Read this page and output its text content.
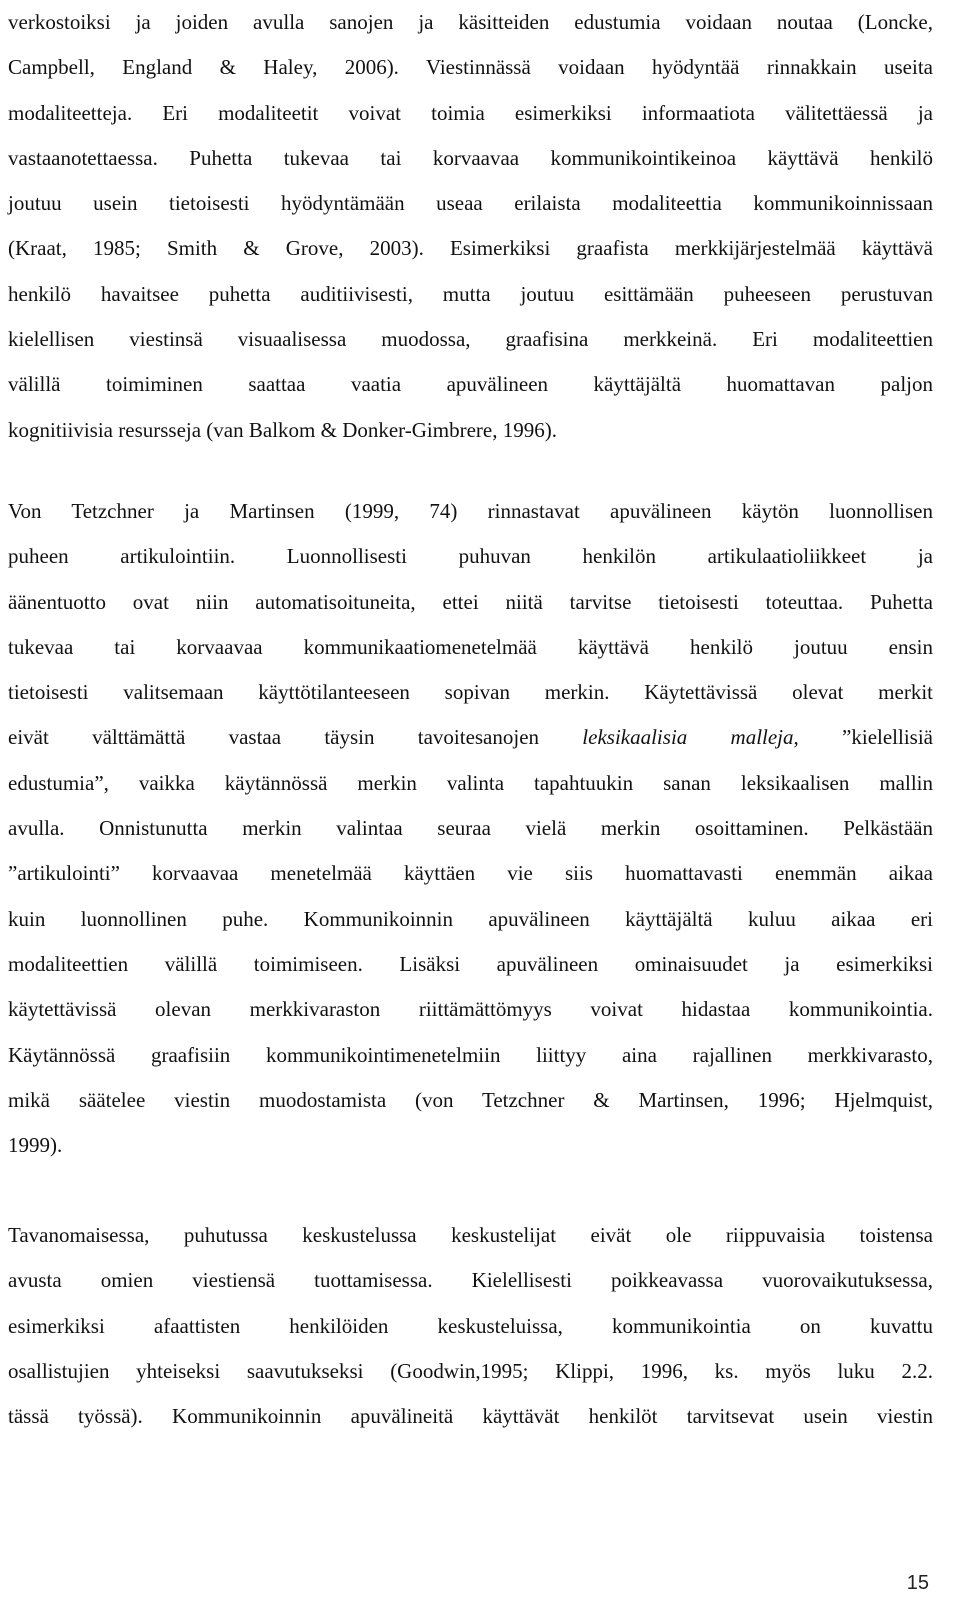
verkostoiksi ja joiden avulla sanojen ja käsitteiden edustumia voidaan noutaa (Loncke,
Campbell, England & Haley, 2006). Viestinnässä voidaan hyödyntää rinnakkain useita
modaliteetteja. Eri modaliteetit voivat toimia esimerkiksi informaatiota välitettäessä ja
vastaanotettaessa. Puhetta tukevaa tai korvaavaa kommunikointikeinoa käyttävä henkilö
joutuu usein tietoisesti hyödyntämään useaa erilaista modaliteettia kommunikoinnissaan
(Kraat, 1985; Smith & Grove, 2003). Esimerkiksi graafista merkkijärjestelmää käyttävä
henkilö havaitsee puhetta auditiivisesti, mutta joutuu esittämään puheeseen perustuvan
kielellisen viestinsä visuaalisessa muodossa, graafisina merkkeinä. Eri modaliteettien
välillä toimiminen saattaa vaatia apuvälineen käyttäjältä huomattavan paljon
kognitiivisia resursseja (van Balkom & Donker-Gimbrere, 1996).
Von Tetzchner ja Martinsen (1999, 74) rinnastavat apuvälineen käytön luonnollisen
puheen artikulointiin. Luonnollisesti puhuvan henkilön artikulaatioliikkeet ja
äänentuotto ovat niin automatisoituneita, ettei niitä tarvitse tietoisesti toteuttaa. Puhetta
tukevaa tai korvaavaa kommunikaatiomenetelmää käyttävä henkilö joutuu ensin
tietoisesti valitsemaan käyttötilanteeseen sopivan merkin. Käytettävissä olevat merkit
eivät välttämättä vastaa täysin tavoitesanojen leksikaalisia malleja, ”kielellisiä
edustumia”, vaikka käytännössä merkin valinta tapahtuukin sanan leksikaalisen mallin
avulla. Onnistunutta merkin valintaa seuraa vielä merkin osoittaminen. Pelkästään
”artikulointi” korvaavaa menetelmää käyttäen vie siis huomattavasti enemmän aikaa
kuin luonnollinen puhe. Kommunikoinnin apuvälineen käyttäjältä kuluu aikaa eri
modaliteettien välillä toimimiseen. Lisäksi apuvälineen ominaisuudet ja esimerkiksi
käytettävissä olevan merkkivaraston riittämättömyys voivat hidastaa kommunikointia.
Käytännössä graafisiin kommunikointimenetelmiin liittyy aina rajallinen merkkivarasto,
mikä säätelee viestin muodostamista (von Tetzchner & Martinsen, 1996; Hjelmquist,
1999).
Tavanomaisessa, puhutussa keskustelussa keskustelijat eivät ole riippuvaisia toistensa
avusta omien viestiensä tuottamisessa. Kielellisesti poikkeavassa vuorovaikutuksessa,
esimerkiksi afaattisten henkilöiden keskusteluissa, kommunikointia on kuvattu
osallistujien yhteiseksi saavutukseksi (Goodwin,1995; Klippi, 1996, ks. myös luku 2.2.
tässä työssä). Kommunikoinnin apuvälineitä käyttävät henkilöt tarvitsevat usein viestin

15
